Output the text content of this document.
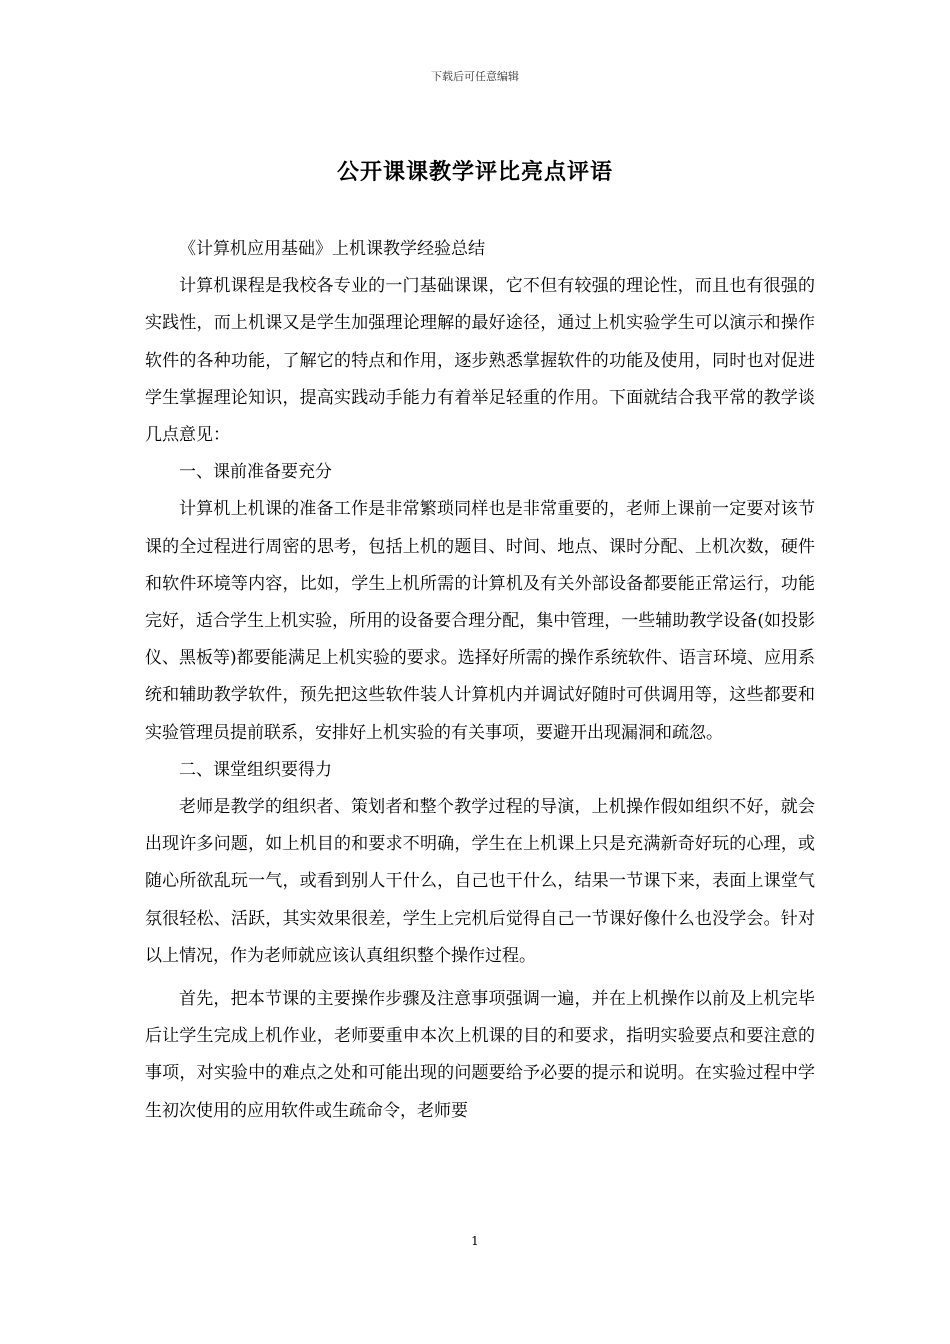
下载后可任意编辑
公开课课教学评比亮点评语

《计算机应用基础》上机课教学经验总结

计算机课程是我校各专业的一门基础课课，它不但有较强的理论性，而且也有很强的实践性，而上机课又是学生加强理论理解的最好途径，通过上机实验学生可以演示和操作软件的各种功能，了解它的特点和作用，逐步熟悉掌握软件的功能及使用，同时也对促进学生掌握理论知识，提高实践动手能力有着举足轻重的作用。下面就结合我平常的教学谈几点意见：

一、课前准备要充分

计算机上机课的准备工作是非常繁琐同样也是非常重要的，老师上课前一定要对该节课的全过程进行周密的思考，包括上机的题目、时间、地点、课时分配、上机次数，硬件和软件环境等内容，比如，学生上机所需的计算机及有关外部设备都要能正常运行，功能完好，适合学生上机实验，所用的设备要合理分配，集中管理，一些辅助教学设备(如投影仪、黑板等)都要能满足上机实验的要求。选择好所需的操作系统软件、语言环境、应用系统和辅助教学软件，预先把这些软件装人计算机内并调试好随时可供调用等，这些都要和实验管理员提前联系，安排好上机实验的有关事项，要避开出现漏洞和疏忽。

二、课堂组织要得力

老师是教学的组织者、策划者和整个教学过程的导演，上机操作假如组织不好，就会出现许多问题，如上机目的和要求不明确，学生在上机课上只是充满新奇好玩的心理，或随心所欲乱玩一气，或看到别人干什么，自己也干什么，结果一节课下来，表面上课堂气氛很轻松、活跃，其实效果很差，学生上完机后觉得自己一节课好像什么也没学会。针对以上情况，作为老师就应该认真组织整个操作过程。

首先，把本节课的主要操作步骤及注意事项强调一遍，并在上机操作以前及上机完毕后让学生完成上机作业，老师要重申本次上机课的目的和要求，指明实验要点和要注意的事项，对实验中的难点之处和可能出现的问题要给予必要的提示和说明。在实验过程中学生初次使用的应用软件或生疏命令，老师要

1
